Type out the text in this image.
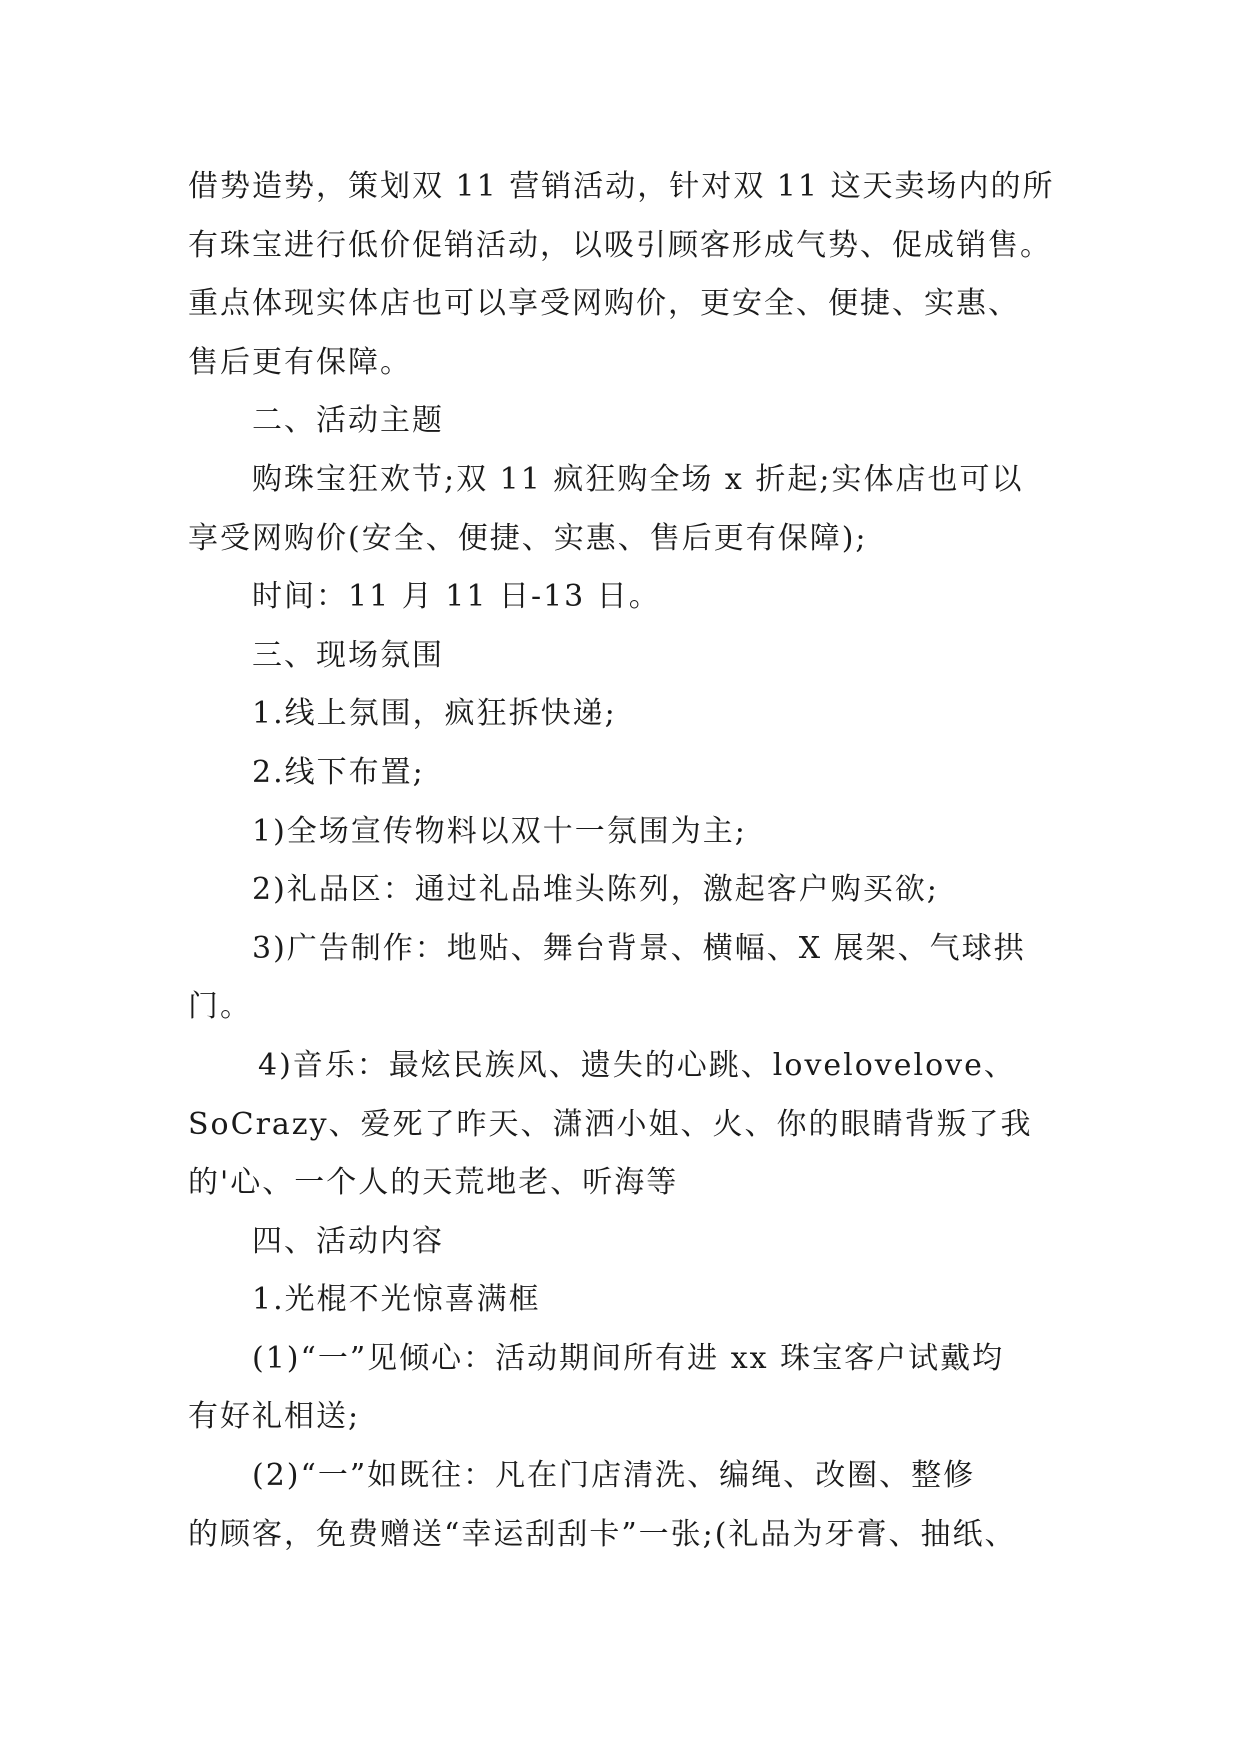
借势造势，策划双 11 营销活动，针对双 11 这天卖场内的所
有珠宝进行低价促销活动，以吸引顾客形成气势、促成销售。
重点体现实体店也可以享受网购价，更安全、便捷、实惠、
售后更有保障。
二、活动主题
购珠宝狂欢节;双 11 疯狂购全场 x 折起;实体店也可以
享受网购价(安全、便捷、实惠、售后更有保障);
时间：11 月 11 日-13 日。
三、现场氛围
1.线上氛围，疯狂拆快递;
2.线下布置;
1)全场宣传物料以双十一氛围为主;
2)礼品区：通过礼品堆头陈列，激起客户购买欲;
3)广告制作：地贴、舞台背景、横幅、X 展架、气球拱
门。
4)音乐：最炫民族风、遗失的心跳、lovelovelove、
SoCrazy、爱死了昨天、潇洒小姐、火、你的眼睛背叛了我
的'心、一个人的天荒地老、听海等
四、活动内容
1.光棍不光惊喜满框
(1)“一”见倾心：活动期间所有进 xx 珠宝客户试戴均
有好礼相送;
(2)“一”如既往：凡在门店清洗、编绳、改圈、整修
的顾客，免费赠送“幸运刮刮卡”一张;(礼品为牙膏、抽纸、
